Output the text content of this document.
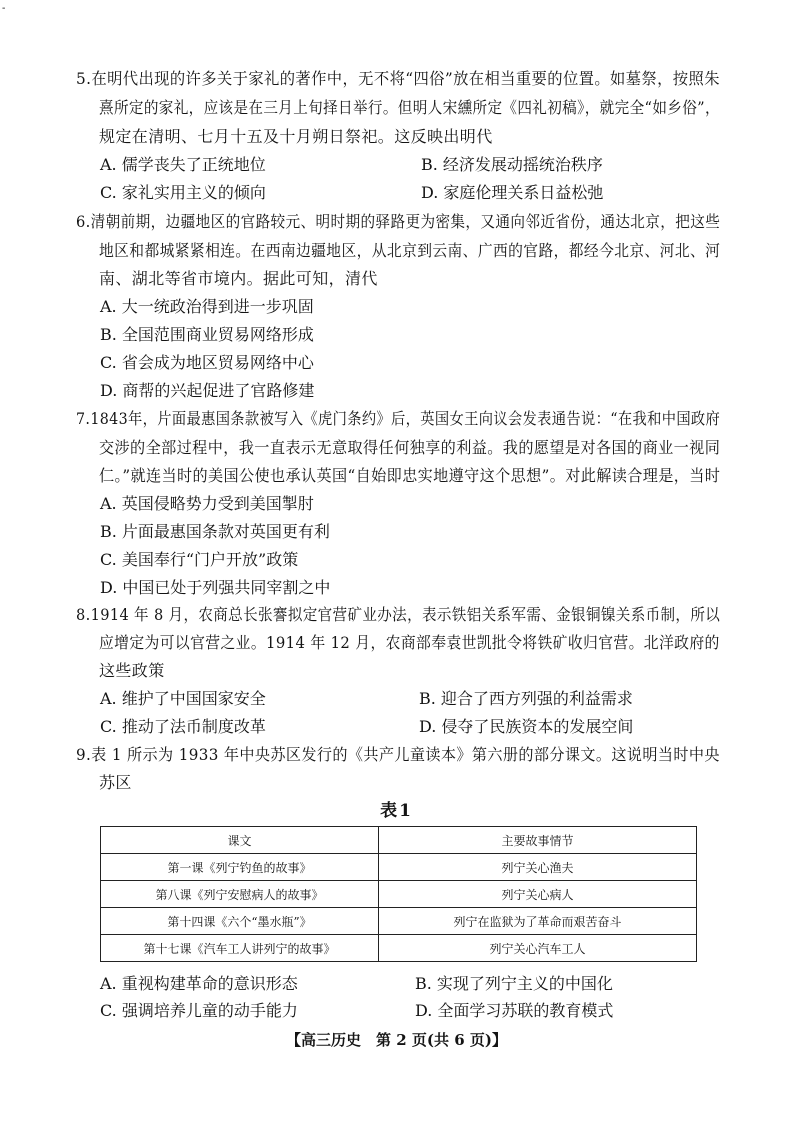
-
5.在明代出现的许多关于家礼的著作中，无不将“四俗”放在相当重要的位置。如墓祭，按照朱
熹所定的家礼，应该是在三月上旬择日举行。但明人宋纁所定《四礼初稿》，就完全“如乡俗”，
规定在清明、七月十五及十月朔日祭祀。这反映出明代
A. 儒学丧失了正统地位	B. 经济发展动摇统治秩序
C. 家礼实用主义的倾向	D. 家庭伦理关系日益松弛
6.清朝前期，边疆地区的官路较元、明时期的驿路更为密集，又通向邻近省份，通达北京，把这些
地区和都城紧紧相连。在西南边疆地区，从北京到云南、广西的官路，都经今北京、河北、河
南、湖北等省市境内。据此可知，清代
A. 大一统政治得到进一步巩固
B. 全国范围商业贸易网络形成
C. 省会成为地区贸易网络中心
D. 商帮的兴起促进了官路修建
7.1843年，片面最惠国条款被写入《虎门条约》后，英国女王向议会发表通告说：“在我和中国政府
交涉的全部过程中，我一直表示无意取得任何独享的利益。我的愿望是对各国的商业一视同
仁。”就连当时的美国公使也承认英国“自始即忠实地遵守这个思想”。对此解读合理是，当时
A. 英国侵略势力受到美国掣肘
B. 片面最惠国条款对英国更有利
C. 美国奉行“门户开放”政策
D. 中国已处于列强共同宰割之中
8.1914 年 8 月，农商总长张謇拟定官营矿业办法，表示铁铝关系军需、金银铜镍关系币制，所以
应增定为可以官营之业。1914 年 12 月，农商部奉袁世凯批令将铁矿收归官营。北洋政府的
这些政策
A. 维护了中国国家安全	B. 迎合了西方列强的利益需求
C. 推动了法币制度改革	D. 侵夺了民族资本的发展空间
9.表 1 所示为 1933 年中央苏区发行的《共产儿童读本》第六册的部分课文。这说明当时中央
苏区
表1
课文	主要故事情节
第一课《列宁钓鱼的故事》	列宁关心渔夫
第八课《列宁安慰病人的故事》	列宁关心病人
第十四课《六个“墨水瓶”》	列宁在监狱为了革命而艰苦奋斗
第十七课《汽车工人讲列宁的故事》	列宁关心汽车工人
A. 重视构建革命的意识形态	B. 实现了列宁主义的中国化
C. 强调培养儿童的动手能力	D. 全面学习苏联的教育模式
【高三历史　第 2 页(共 6 页)】
